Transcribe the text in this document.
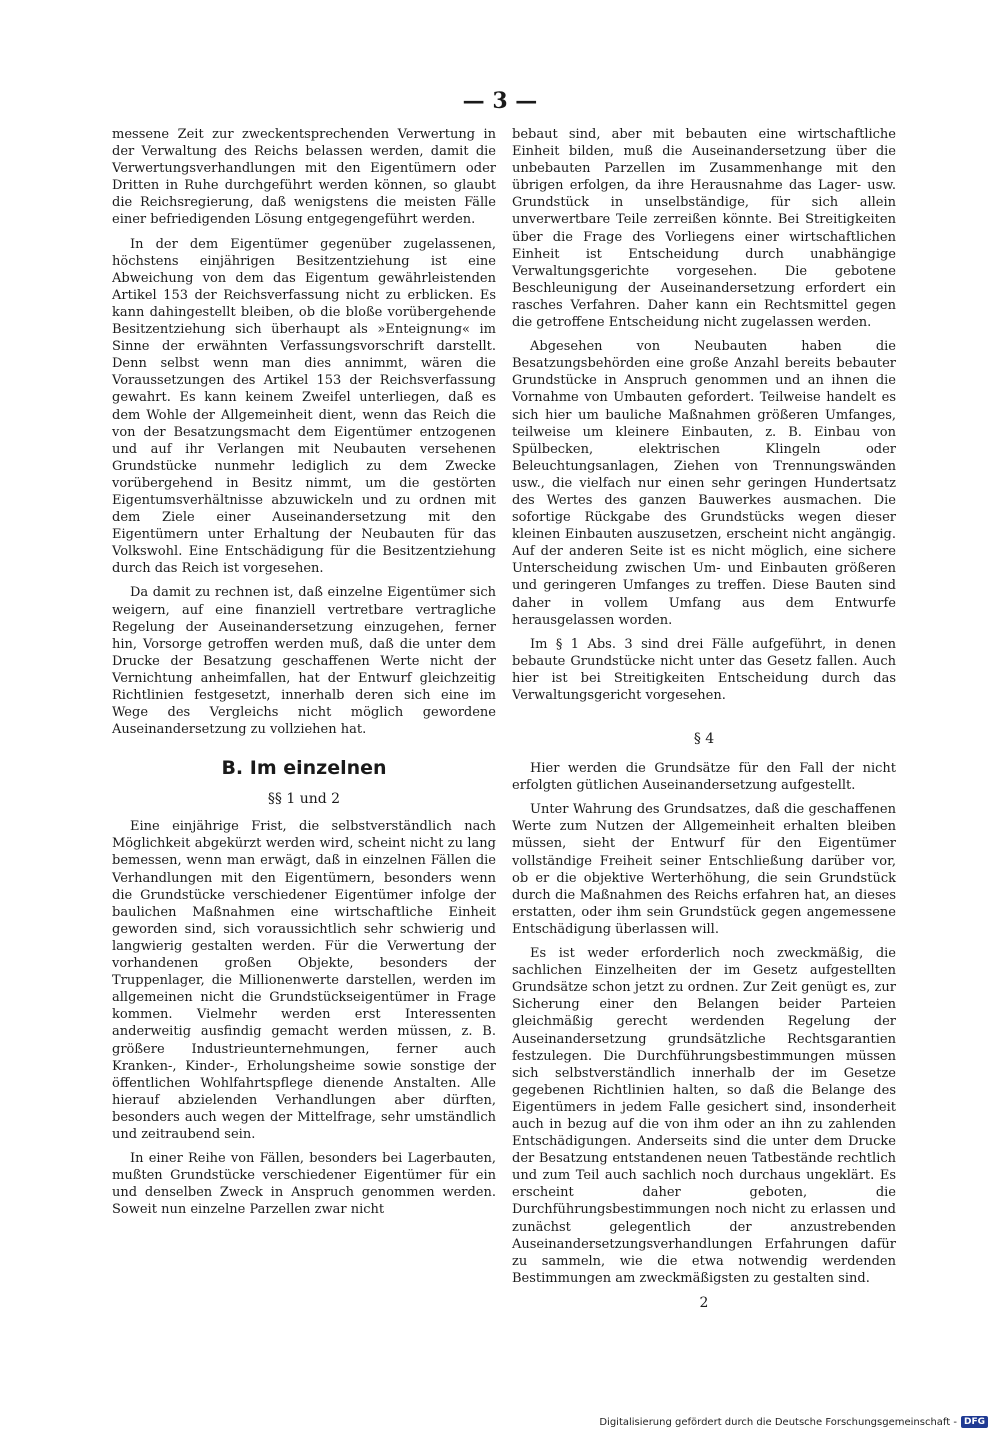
— 3 —

messene Zeit zur zweckentsprechenden Verwertung in der Verwaltung des Reichs belassen werden, damit die Verwertungsverhandlungen mit den Eigentümern oder Dritten in Ruhe durchgeführt werden können, so glaubt die Reichsregierung, daß wenigstens die meisten Fälle einer befriedigenden Lösung entgegengeführt werden.

In der dem Eigentümer gegenüber zugelassenen, höchstens einjährigen Besitzentziehung ist eine Abweichung von dem das Eigentum gewährleistenden Artikel 153 der Reichsverfassung nicht zu erblicken. Es kann dahingestellt bleiben, ob die bloße vorübergehende Besitzentziehung sich überhaupt als »Enteignung« im Sinne der erwähnten Verfassungsvorschrift darstellt. Denn selbst wenn man dies annimmt, wären die Voraussetzungen des Artikel 153 der Reichsverfassung gewahrt. Es kann keinem Zweifel unterliegen, daß es dem Wohle der Allgemeinheit dient, wenn das Reich die von der Besatzungsmacht dem Eigentümer entzogenen und auf ihr Verlangen mit Neubauten versehenen Grundstücke nunmehr lediglich zu dem Zwecke vorübergehend in Besitz nimmt, um die gestörten Eigentumsverhältnisse abzuwickeln und zu ordnen mit dem Ziele einer Auseinandersetzung mit den Eigentümern unter Erhaltung der Neubauten für das Volkswohl. Eine Entschädigung für die Besitzentziehung durch das Reich ist vorgesehen.

Da damit zu rechnen ist, daß einzelne Eigentümer sich weigern, auf eine finanziell vertretbare vertragliche Regelung der Auseinandersetzung einzugehen, ferner hin, Vorsorge getroffen werden muß, daß die unter dem Drucke der Besatzung geschaffenen Werte nicht der Vernichtung anheimfallen, hat der Entwurf gleichzeitig Richtlinien festgesetzt, innerhalb deren sich eine im Wege des Vergleichs nicht möglich gewordene Auseinandersetzung zu vollziehen hat.

B. Im einzelnen
§§ 1 und 2

Eine einjährige Frist, die selbstverständlich nach Möglichkeit abgekürzt werden wird, scheint nicht zu lang bemessen, wenn man erwägt, daß in einzelnen Fällen die Verhandlungen mit den Eigentümern, besonders wenn die Grundstücke verschiedener Eigentümer infolge der baulichen Maßnahmen eine wirtschaftliche Einheit geworden sind, sich voraussichtlich sehr schwierig und langwierig gestalten werden. Für die Verwertung der vorhandenen großen Objekte, besonders der Truppenlager, die Millionenwerte darstellen, werden im allgemeinen nicht die Grundstückseigentümer in Frage kommen. Vielmehr werden erst Interessenten anderweitig ausfindig gemacht werden müssen, z. B. größere Industrieunternehmungen, ferner auch Kranken-, Kinder-, Erholungsheime sowie sonstige der öffentlichen Wohlfahrtspflege dienende Anstalten. Alle hierauf abzielenden Verhandlungen aber dürften, besonders auch wegen der Mittelfrage, sehr umständlich und zeitraubend sein.

In einer Reihe von Fällen, besonders bei Lagerbauten, mußten Grundstücke verschiedener Eigentümer für ein und denselben Zweck in Anspruch genommen werden. Soweit nun einzelne Parzellen zwar nicht

bebaut sind, aber mit bebauten eine wirtschaftliche Einheit bilden, muß die Auseinandersetzung über die unbebauten Parzellen im Zusammenhange mit den übrigen erfolgen, da ihre Herausnahme das Lager- usw. Grundstück in unselbständige, für sich allein unverwertbare Teile zerreißen könnte. Bei Streitigkeiten über die Frage des Vorliegens einer wirtschaftlichen Einheit ist Entscheidung durch unabhängige Verwaltungsgerichte vorgesehen. Die gebotene Beschleunigung der Auseinandersetzung erfordert ein rasches Verfahren. Daher kann ein Rechtsmittel gegen die getroffene Entscheidung nicht zugelassen werden.

Abgesehen von Neubauten haben die Besatzungsbehörden eine große Anzahl bereits bebauter Grundstücke in Anspruch genommen und an ihnen die Vornahme von Umbauten gefordert. Teilweise handelt es sich hier um bauliche Maßnahmen größeren Umfanges, teilweise um kleinere Einbauten, z. B. Einbau von Spülbecken, elektrischen Klingeln oder Beleuchtungsanlagen, Ziehen von Trennungswänden usw., die vielfach nur einen sehr geringen Hundertsatz des Wertes des ganzen Bauwerkes ausmachen. Die sofortige Rückgabe des Grundstücks wegen dieser kleinen Einbauten auszusetzen, erscheint nicht angängig. Auf der anderen Seite ist es nicht möglich, eine sichere Unterscheidung zwischen Um- und Einbauten größeren und geringeren Umfanges zu treffen. Diese Bauten sind daher in vollem Umfang aus dem Entwurfe herausgelassen worden.

Im § 1 Abs. 3 sind drei Fälle aufgeführt, in denen bebaute Grundstücke nicht unter das Gesetz fallen. Auch hier ist bei Streitigkeiten Entscheidung durch das Verwaltungsgericht vorgesehen.

§ 4

Hier werden die Grundsätze für den Fall der nicht erfolgten gütlichen Auseinandersetzung aufgestellt.

Unter Wahrung des Grundsatzes, daß die geschaffenen Werte zum Nutzen der Allgemeinheit erhalten bleiben müssen, sieht der Entwurf für den Eigentümer vollständige Freiheit seiner Entschließung darüber vor, ob er die objektive Werterhöhung, die sein Grundstück durch die Maßnahmen des Reichs erfahren hat, an dieses erstatten, oder ihm sein Grundstück gegen angemessene Entschädigung überlassen will.

Es ist weder erforderlich noch zweckmäßig, die sachlichen Einzelheiten der im Gesetz aufgestellten Grundsätze schon jetzt zu ordnen. Zur Zeit genügt es, zur Sicherung einer den Belangen beider Parteien gleichmäßig gerecht werdenden Regelung der Auseinandersetzung grundsätzliche Rechtsgarantien festzulegen. Die Durchführungsbestimmungen müssen sich selbstverständlich innerhalb der im Gesetze gegebenen Richtlinien halten, so daß die Belange des Eigentümers in jedem Falle gesichert sind, insonderheit auch in bezug auf die von ihm oder an ihn zu zahlenden Entschädigungen. Anderseits sind die unter dem Drucke der Besatzung entstandenen neuen Tatbestände rechtlich und zum Teil auch sachlich noch durchaus ungeklärt. Es erscheint daher geboten, die Durchführungsbestimmungen noch nicht zu erlassen und zunächst gelegentlich der anzustrebenden Auseinandersetzungsverhandlungen Erfahrungen dafür zu sammeln, wie die etwa notwendig werdenden Bestimmungen am zweckmäßigsten zu gestalten sind.

2
Digitalisierung gefördert durch die Deutsche Forschungsgemeinschaft - DFG
